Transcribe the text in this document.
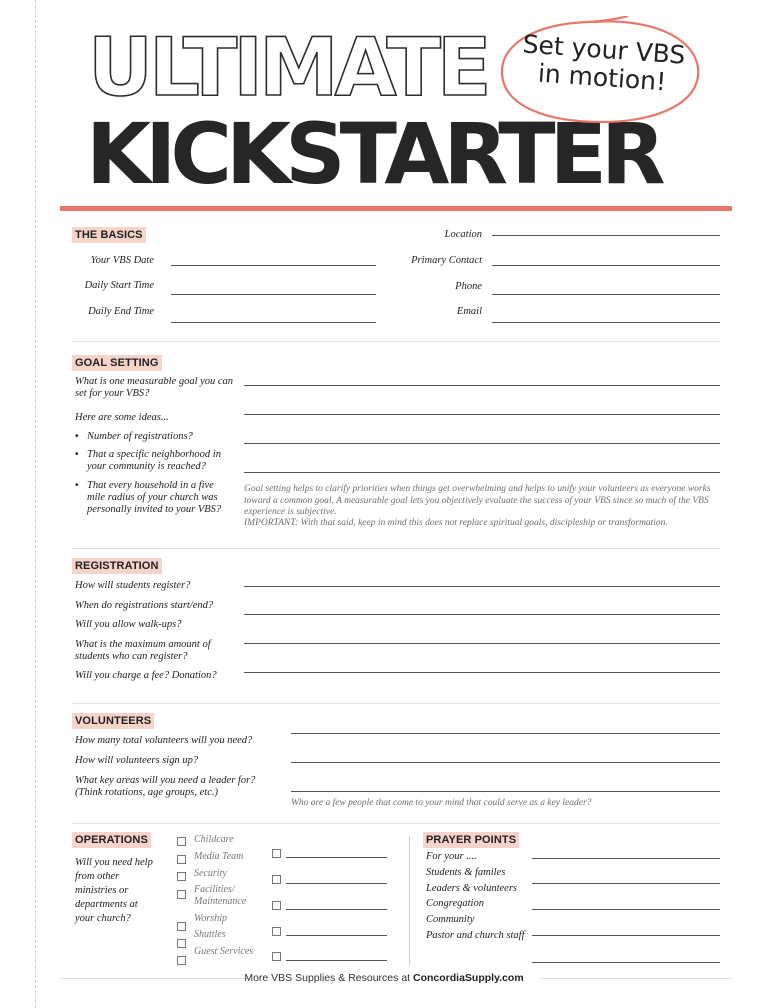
ULTIMATE
KICKSTARTER
Set your VBS
in motion!
THE BASICS
Your VBS Date
Daily Start Time
Daily End Time
Location
Primary Contact
Phone
Email
GOAL SETTING
What is one measurable goal you can set for your VBS?
Here are some ideas...
• Number of registrations?
• That a specific neighborhood in your community is reached?
• That every household in a five mile radius of your church was personally invited to your VBS?
Goal setting helps to clarify priorities when things get overwhelming and helps to unify your volunteers as everyone works toward a common goal. A measurable goal lets you objectively evaluate the success of your VBS since so much of the VBS experience is subjective.
IMPORTANT: With that said, keep in mind this does not replace spiritual goals, discipleship or transformation.
REGISTRATION
How will students register?
When do registrations start/end?
Will you allow walk-ups?
What is the maximum amount of students who can register?
Will you charge a fee? Donation?
VOLUNTEERS
How many total volunteers will you need?
How will volunteers sign up?
What key areas will you need a leader for? (Think rotations, age groups, etc.)
Who are a few people that come to your mind that could serve as a key leader?
OPERATIONS
Will you need help from other ministries or departments at your church?
Childcare
Media Team
Security
Facilities/ Maintenance
Worship
Shuttles
Guest Services
PRAYER POINTS
For your ....
Students & familes
Leaders & volunteers
Congregation
Community
Pastor and church staff
More VBS Supplies & Resources at ConcordiaSupply.com
